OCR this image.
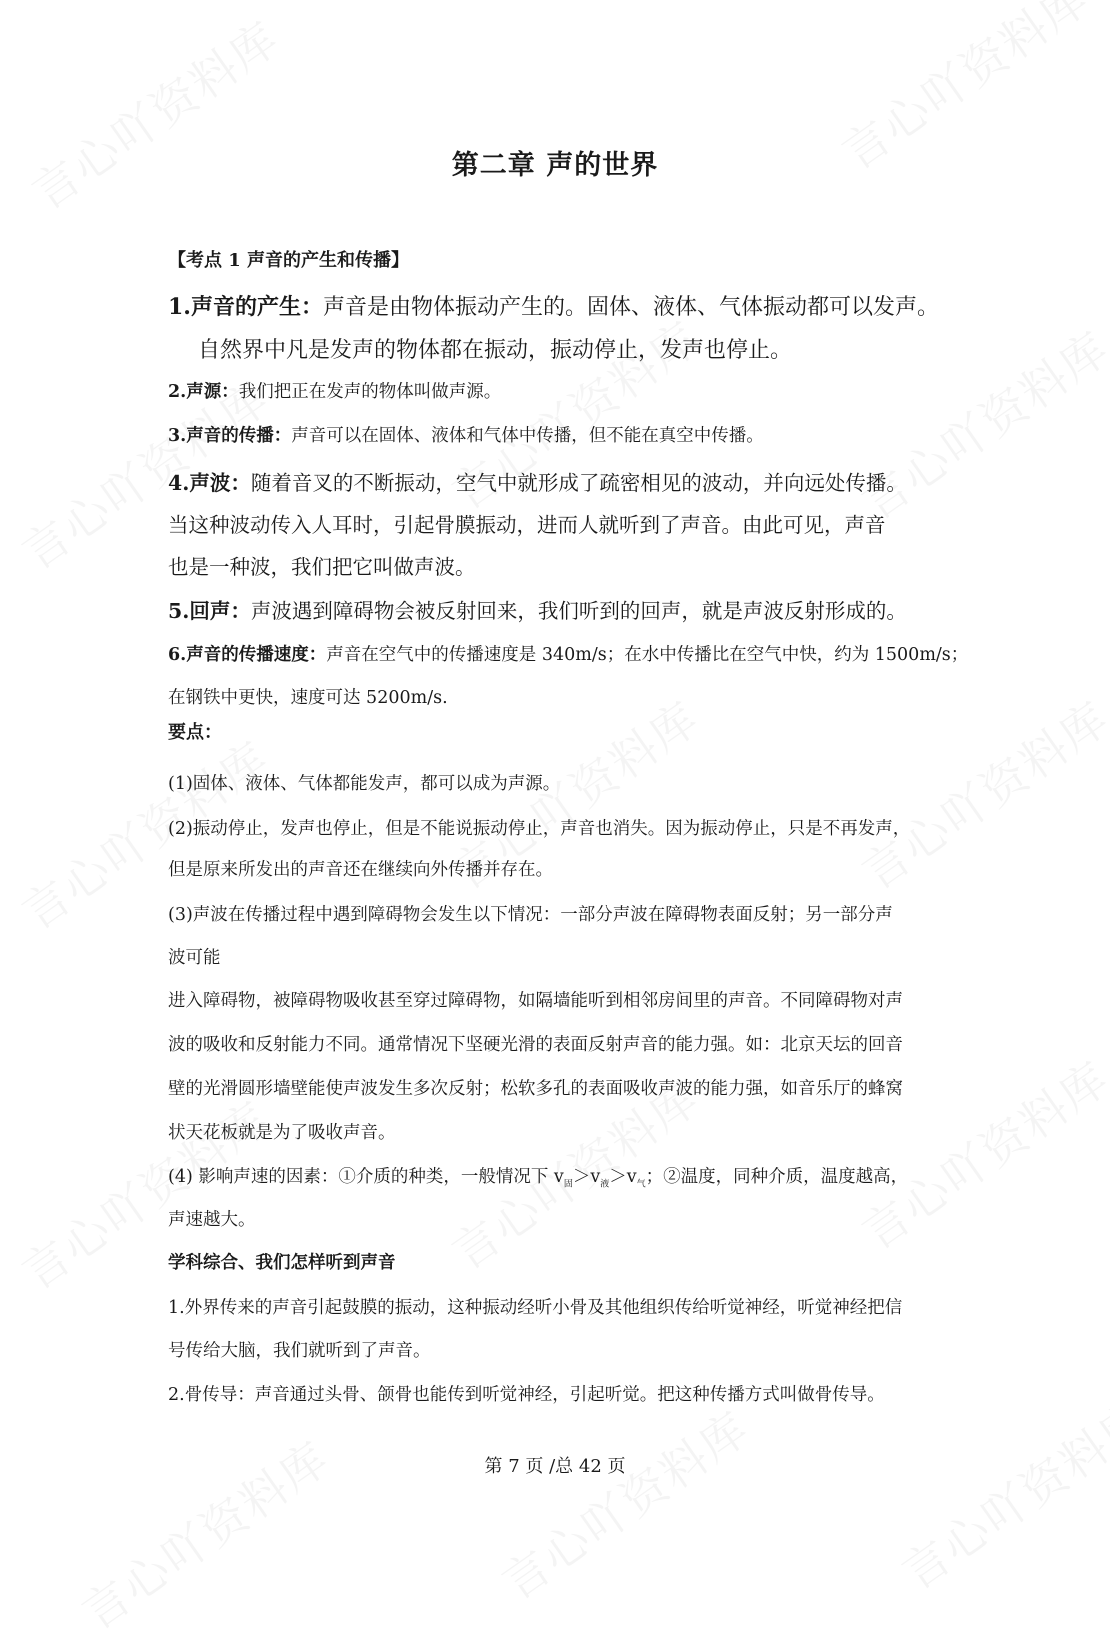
第二章 声的世界
【考点 1 声音的产生和传播】
1.声音的产生：声音是由物体振动产生的。固体、液体、气体振动都可以发声。
自然界中凡是发声的物体都在振动，振动停止，发声也停止。
2.声源：我们把正在发声的物体叫做声源。
3.声音的传播：声音可以在固体、液体和气体中传播，但不能在真空中传播。
4.声波：随着音叉的不断振动，空气中就形成了疏密相见的波动，并向远处传播。
当这种波动传入人耳时，引起骨膜振动，进而人就听到了声音。由此可见，声音
也是一种波，我们把它叫做声波。
5.回声：声波遇到障碍物会被反射回来，我们听到的回声，就是声波反射形成的。
6.声音的传播速度：声音在空气中的传播速度是 340m/s；在水中传播比在空气中快，约为 1500m/s；
在钢铁中更快，速度可达 5200m/s.
要点：
(1)固体、液体、气体都能发声，都可以成为声源。
(2)振动停止，发声也停止，但是不能说振动停止，声音也消失。因为振动停止，只是不再发声，
但是原来所发出的声音还在继续向外传播并存在。
(3)声波在传播过程中遇到障碍物会发生以下情况：一部分声波在障碍物表面反射；另一部分声
波可能
进入障碍物，被障碍物吸收甚至穿过障碍物，如隔墙能听到相邻房间里的声音。不同障碍物对声
波的吸收和反射能力不同。通常情况下坚硬光滑的表面反射声音的能力强。如：北京天坛的回音
壁的光滑圆形墙壁能使声波发生多次反射；松软多孔的表面吸收声波的能力强，如音乐厅的蜂窝
状天花板就是为了吸收声音。
(4) 影响声速的因素：①介质的种类，一般情况下 $v_固>v_液>v_气$；②温度，同种介质，温度越高，
声速越大。
学科综合、我们怎样听到声音
1.外界传来的声音引起鼓膜的振动，这种振动经听小骨及其他组织传给听觉神经，听觉神经把信
号传给大脑，我们就听到了声音。
2.骨传导：声音通过头骨、颌骨也能传到听觉神经，引起听觉。把这种传播方式叫做骨传导。
第 7 页 /总 42 页
